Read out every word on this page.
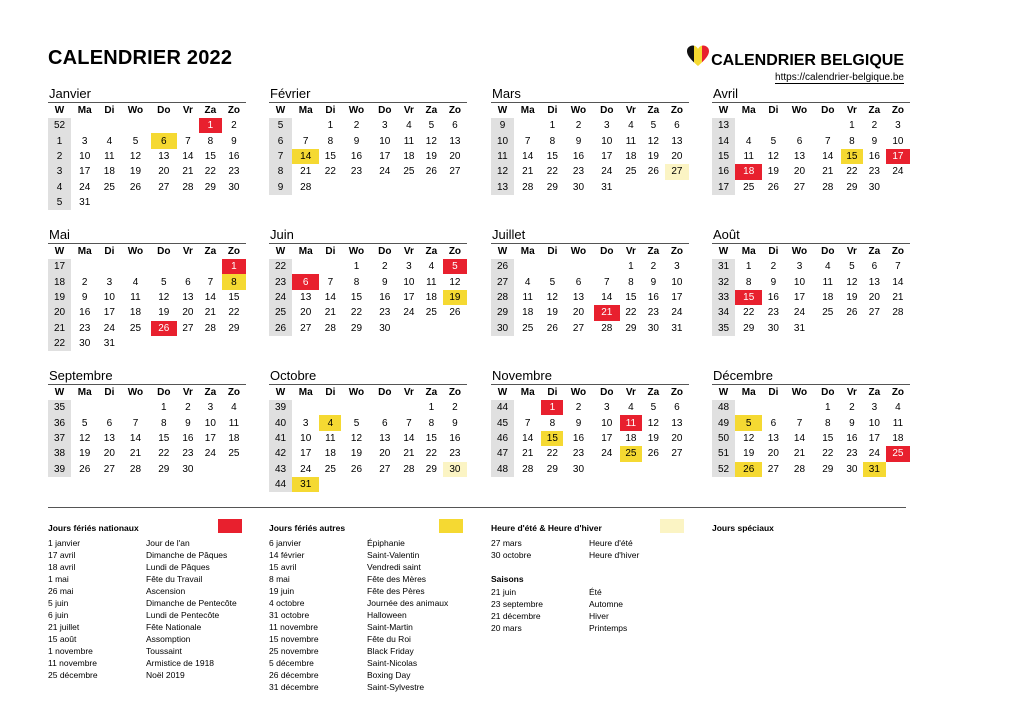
CALENDRIER 2022	CALENDRIER BELGIQUE
https://calendrier-belgique.be
Janvier
W	Ma	Di	Wo	Do	Vr	Za	Zo
52						1	2
1	3	4	5	6	7	8	9
2	10	11	12	13	14	15	16
3	17	18	19	20	21	22	23
4	24	25	26	27	28	29	30
5	31						
Février
W	Ma	Di	Wo	Do	Vr	Za	Zo
5		1	2	3	4	5	6
6	7	8	9	10	11	12	13
7	14	15	16	17	18	19	20
8	21	22	23	24	25	26	27
9	28						
Mars
W	Ma	Di	Wo	Do	Vr	Za	Zo
9		1	2	3	4	5	6
10	7	8	9	10	11	12	13
11	14	15	16	17	18	19	20
12	21	22	23	24	25	26	27
13	28	29	30	31			
Avril
W	Ma	Di	Wo	Do	Vr	Za	Zo
13					1	2	3
14	4	5	6	7	8	9	10
15	11	12	13	14	15	16	17
16	18	19	20	21	22	23	24
17	25	26	27	28	29	30	
Mai
W	Ma	Di	Wo	Do	Vr	Za	Zo
17							1
18	2	3	4	5	6	7	8
19	9	10	11	12	13	14	15
20	16	17	18	19	20	21	22
21	23	24	25	26	27	28	29
22	30	31					
Juin
W	Ma	Di	Wo	Do	Vr	Za	Zo
22			1	2	3	4	5
23	6	7	8	9	10	11	12
24	13	14	15	16	17	18	19
25	20	21	22	23	24	25	26
26	27	28	29	30			
Juillet
W	Ma	Di	Wo	Do	Vr	Za	Zo
26					1	2	3
27	4	5	6	7	8	9	10
28	11	12	13	14	15	16	17
29	18	19	20	21	22	23	24
30	25	26	27	28	29	30	31
Août
W	Ma	Di	Wo	Do	Vr	Za	Zo
31	1	2	3	4	5	6	7
32	8	9	10	11	12	13	14
33	15	16	17	18	19	20	21
34	22	23	24	25	26	27	28
35	29	30	31				
Septembre
W	Ma	Di	Wo	Do	Vr	Za	Zo
35				1	2	3	4
36	5	6	7	8	9	10	11
37	12	13	14	15	16	17	18
38	19	20	21	22	23	24	25
39	26	27	28	29	30		
Octobre
W	Ma	Di	Wo	Do	Vr	Za	Zo
39						1	2
40	3	4	5	6	7	8	9
41	10	11	12	13	14	15	16
42	17	18	19	20	21	22	23
43	24	25	26	27	28	29	30
44	31						
Novembre
W	Ma	Di	Wo	Do	Vr	Za	Zo
44		1	2	3	4	5	6
45	7	8	9	10	11	12	13
46	14	15	16	17	18	19	20
47	21	22	23	24	25	26	27
48	28	29	30				
Décembre
W	Ma	Di	Wo	Do	Vr	Za	Zo
48				1	2	3	4
49	5	6	7	8	9	10	11
50	12	13	14	15	16	17	18
51	19	20	21	22	23	24	25
52	26	27	28	29	30	31	
Jours fériés nationaux
1 janvier	Jour de l'an
17 avril	Dimanche de Pâques
18 avril	Lundi de Pâques
1 mai	Fête du Travail
26 mai	Ascension
5 juin	Dimanche de Pentecôte
6 juin	Lundi de Pentecôte
21 juillet	Fête Nationale
15 août	Assomption
1 novembre	Toussaint
11 novembre	Armistice de 1918
25 décembre	Noël 2019
Jours fériés autres
6 janvier	Épiphanie
14 février	Saint-Valentin
15 avril	Vendredi saint
8 mai	Fête des Mères
19 juin	Fête des Pères
4 octobre	Journée des animaux
31 octobre	Halloween
11 novembre	Saint-Martin
15 novembre	Fête du Roi
25 novembre	Black Friday
5 décembre	Saint-Nicolas
26 décembre	Boxing Day
31 décembre	Saint-Sylvestre
Heure d'été & Heure d'hiver
27 mars	Heure d'été
30 octobre	Heure d'hiver
Saisons
21 juin	Été
23 septembre	Automne
21 décembre	Hiver
20 mars	Printemps
Jours spéciaux
